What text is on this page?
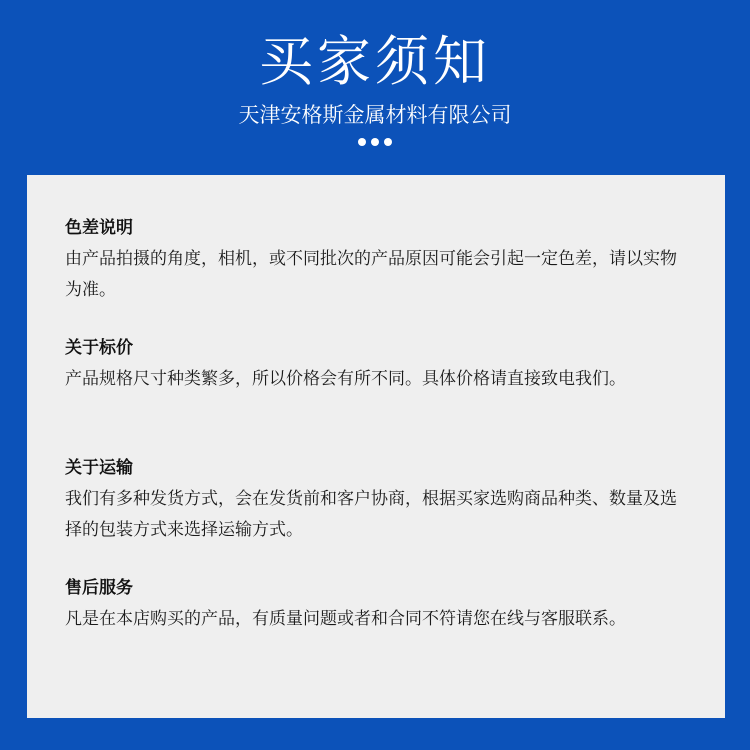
买家须知
天津安格斯金属材料有限公司
色差说明
由产品拍摄的角度，相机，或不同批次的产品原因可能会引起一定色差，请以实物为准。
关于标价
产品规格尺寸种类繁多，所以价格会有所不同。具体价格请直接致电我们。
关于运输
我们有多种发货方式，会在发货前和客户协商，根据买家选购商品种类、数量及选择的包装方式来选择运输方式。
售后服务
凡是在本店购买的产品，有质量问题或者和合同不符请您在线与客服联系。
